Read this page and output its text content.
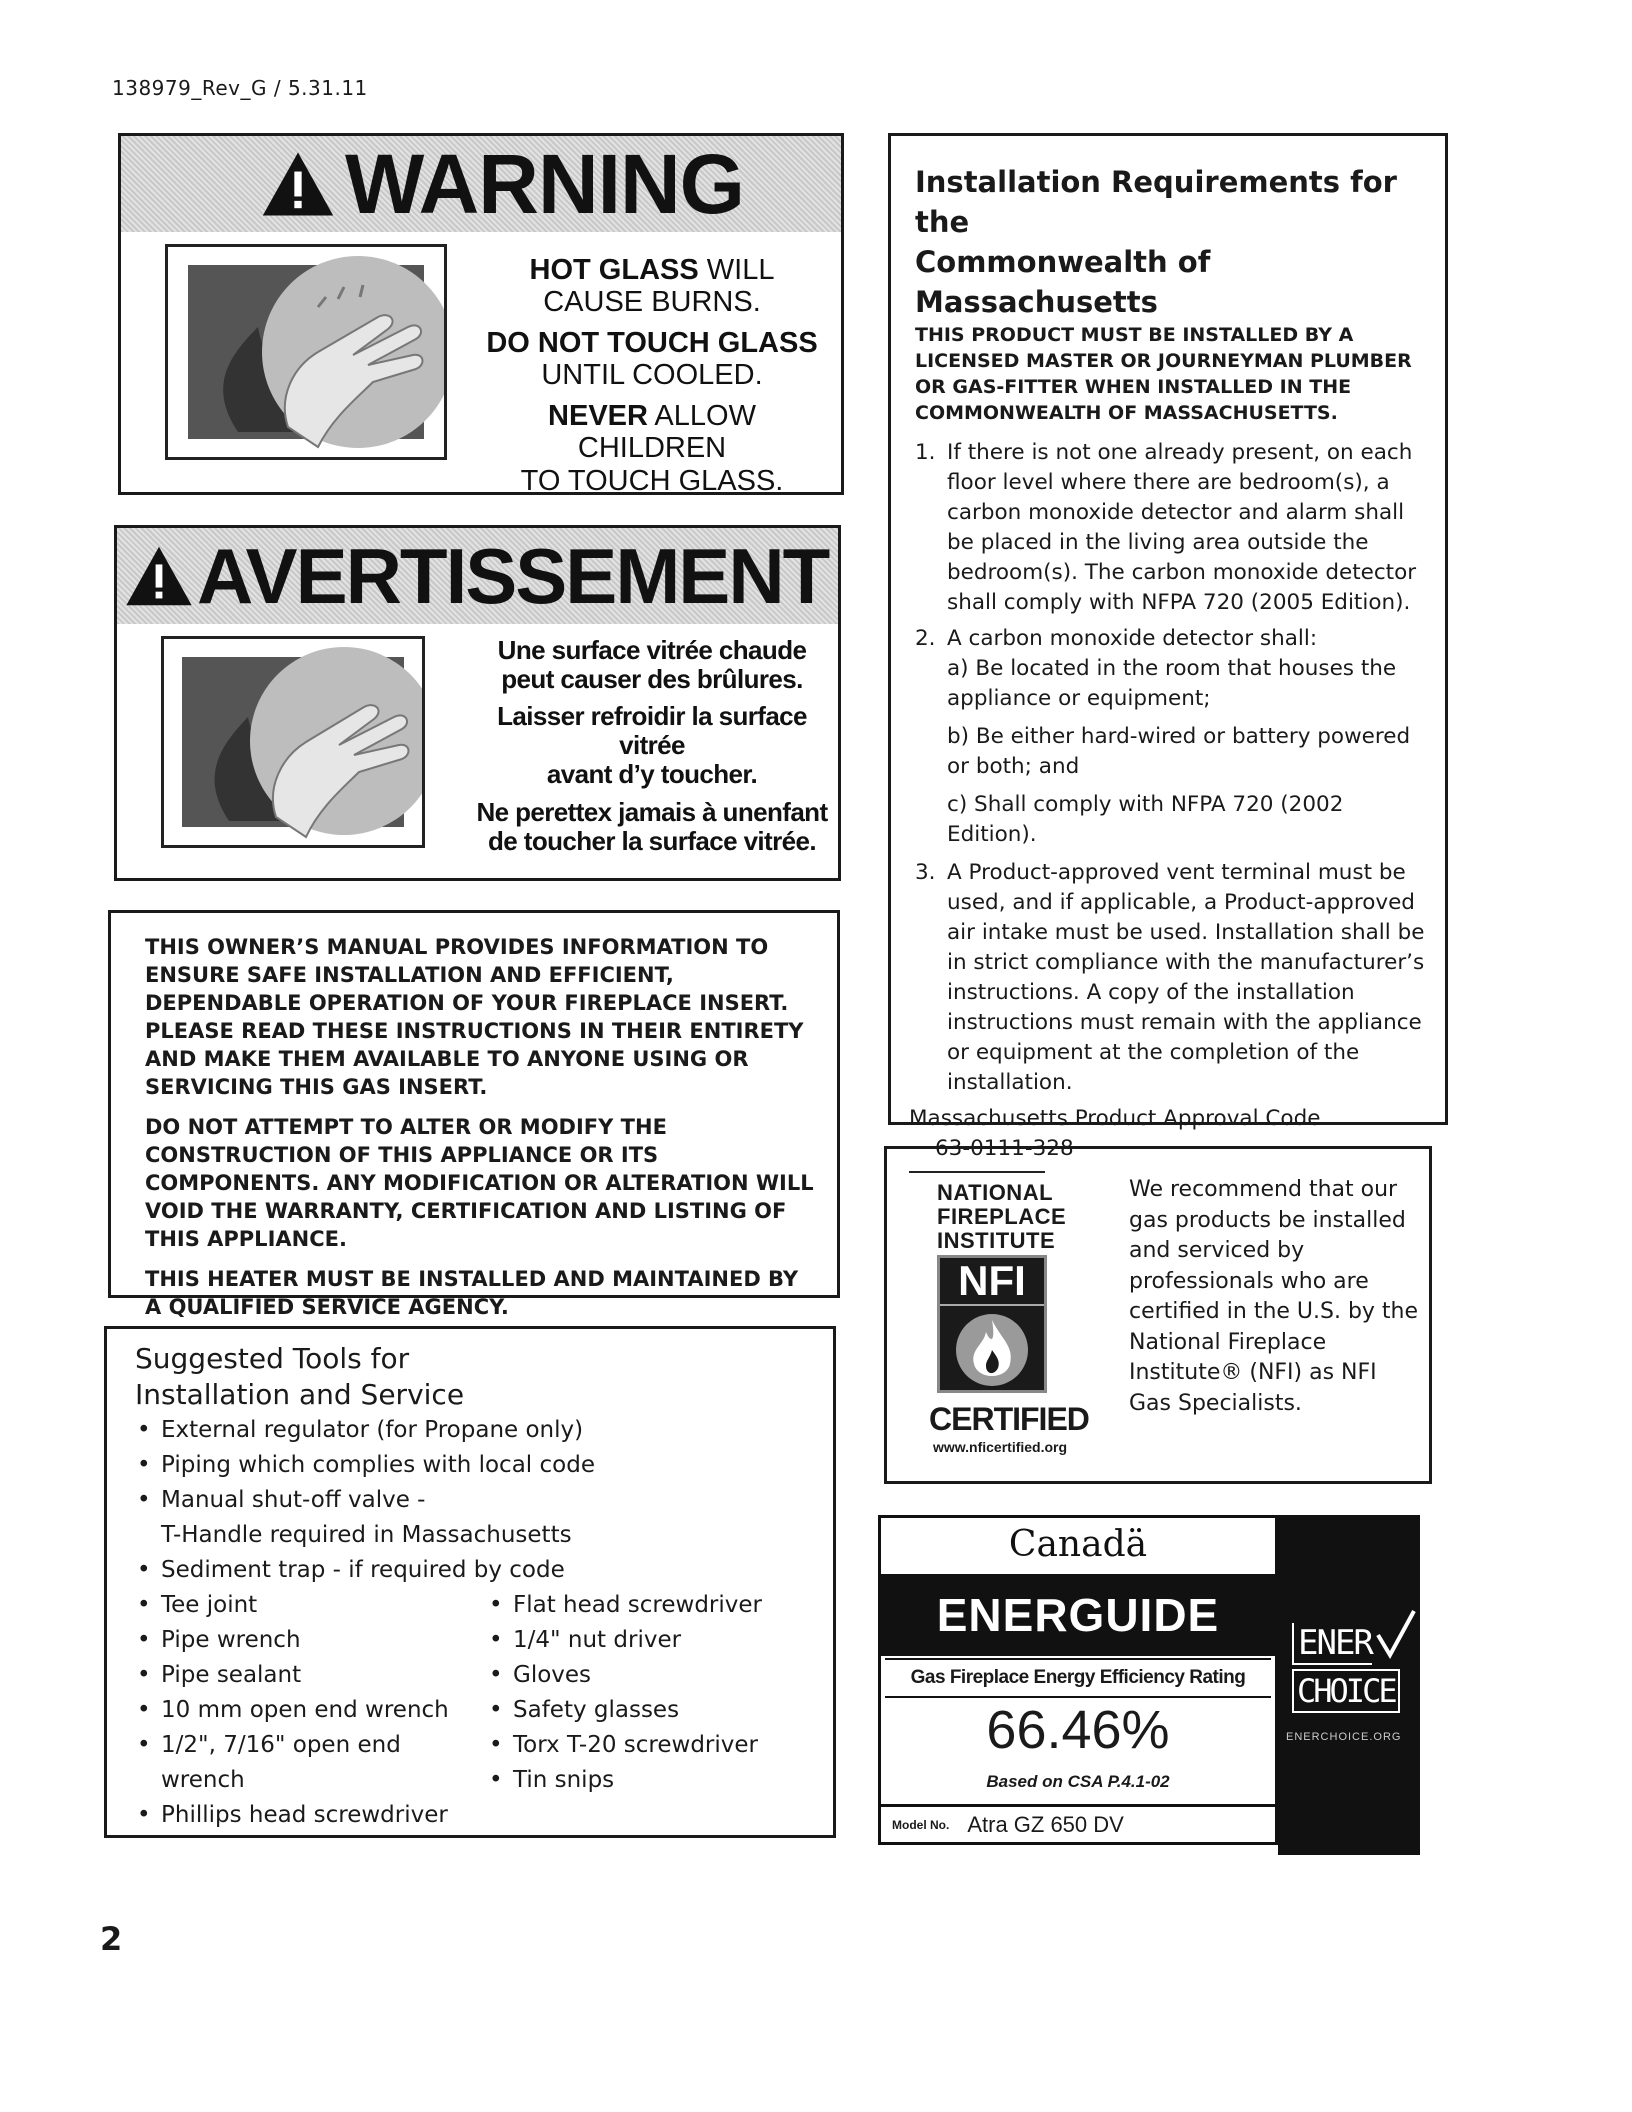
138979_Rev_G / 5.31.11
WARNING

HOT GLASS WILL
CAUSE BURNS.

DO NOT TOUCH GLASS
UNTIL COOLED.

NEVER ALLOW CHILDREN
TO TOUCH GLASS.

AVERTISSEMENT

Une surface vitrée chaude
peut causer des brûlures.

Laisser refroidir la surface vitrée
avant d’y toucher.

Ne perettex jamais à unenfant
de toucher la surface vitrée.

THIS OWNER’S MANUAL PROVIDES INFORMATION TO ENSURE SAFE INSTALLATION AND EFFICIENT, DEPENDABLE OPERATION OF YOUR FIREPLACE INSERT. PLEASE READ THESE INSTRUCTIONS IN THEIR ENTIRETY AND MAKE THEM AVAILABLE TO ANYONE USING OR SERVICING THIS GAS INSERT.

DO NOT ATTEMPT TO ALTER OR MODIFY THE CONSTRUCTION OF THIS APPLIANCE OR ITS COMPONENTS. ANY MODIFICATION OR ALTERATION WILL VOID THE WARRANTY, CERTIFICATION AND LISTING OF THIS APPLIANCE.

THIS HEATER MUST BE INSTALLED AND MAINTAINED BY A QUALIFIED SERVICE AGENCY.

Suggested Tools for
Installation and Service
• External regulator (for Propane only)
• Piping which complies with local code
• Manual shut-off valve -
T-Handle required in Massachusetts
• Sediment trap - if required by code
• Tee joint
• Pipe wrench
• Pipe sealant
• 10 mm open end wrench
• 1/2", 7/16" open end wrench
• Phillips head screwdriver
• Flat head screwdriver
• 1/4" nut driver
• Gloves
• Safety glasses
• Torx T-20 screwdriver
• Tin snips
Installation Requirements for the
Commonwealth of Massachusetts
THIS PRODUCT MUST BE INSTALLED BY A LICENSED MASTER OR JOURNEYMAN PLUMBER OR GAS-FITTER WHEN INSTALLED IN THE COMMONWEALTH OF MASSACHUSETTS.
1. If there is not one already present, on each floor level where there are bedroom(s), a carbon monoxide detector and alarm shall be placed in the living area outside the bedroom(s). The carbon monoxide detector shall comply with NFPA 720 (2005 Edition).
2. A carbon monoxide detector shall:
a) Be located in the room that houses the appliance or equipment;
b) Be either hard-wired or battery powered or both; and
c) Shall comply with NFPA 720 (2002 Edition).
3. A Product-approved vent terminal must be used, and if applicable, a Product-approved air intake must be used. Installation shall be in strict compliance with the manufacturer’s instructions. A copy of the installation instructions must remain with the appliance or equipment at the completion of the installation.
Massachusetts Product Approval Code
63-0111-328
NATIONAL
FIREPLACE
INSTITUTE
NFI
CERTIFIED
www.nficertified.org
We recommend that our gas products be installed and serviced by professionals who are certified in the U.S. by the National Fireplace Institute® (NFI) as NFI Gas Specialists.
Canadä
ENERGUIDE
Gas Fireplace Energy Efficiency Rating
66.46%
Based on CSA P.4.1-02
Model No. Atra GZ 650 DV
ENER
CHOICE
ENERCHOICE.ORG
2
